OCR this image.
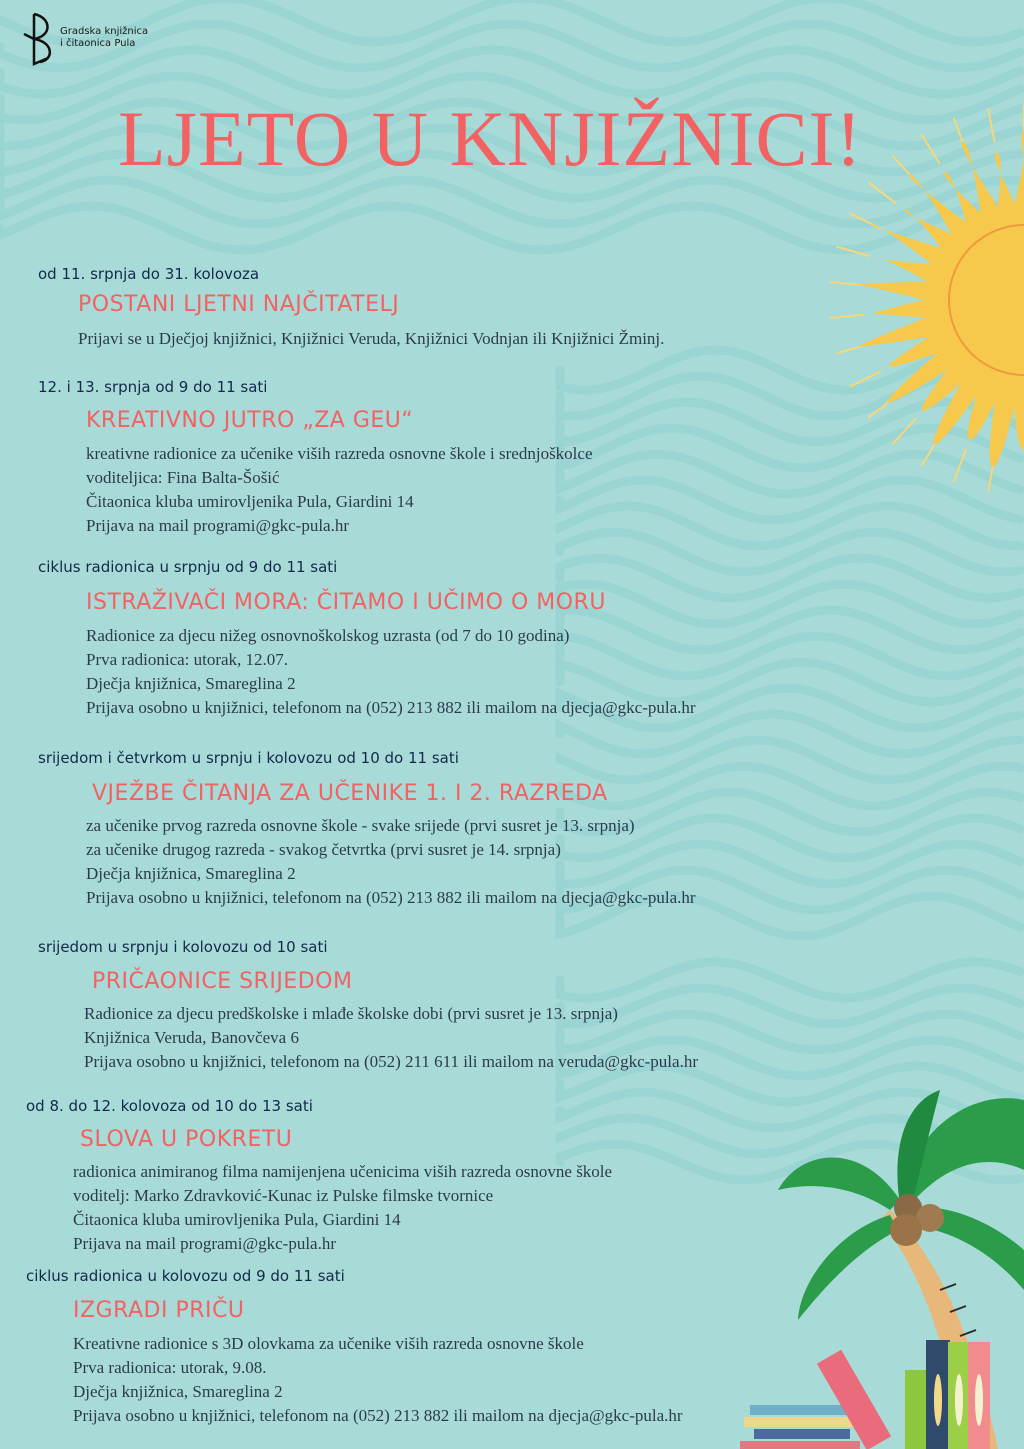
Gradska knjižnica
i čitaonica Pula
LJETO U KNJIŽNICI!
od 11. srpnja do 31. kolovoza
POSTANI LJETNI NAJČITATELJ
Prijavi se u Dječjoj knjižnici, Knjižnici Veruda, Knjižnici Vodnjan ili Knjižnici Žminj.
12. i 13. srpnja od 9 do 11 sati
KREATIVNO JUTRO „ZA GEU“
kreativne radionice za učenike viših razreda osnovne škole i srednjoškolce
voditeljica: Fina Balta-Šošić
Čitaonica kluba umirovljenika Pula, Giardini 14
Prijava na mail programi@gkc-pula.hr
ciklus radionica u srpnju od 9 do 11 sati
ISTRAŽIVAČI MORA: ČITAMO I UČIMO O MORU
Radionice za djecu nižeg osnovnoškolskog uzrasta (od 7 do 10 godina)
Prva radionica: utorak, 12.07.
Dječja knjižnica, Smareglina 2
Prijava osobno u knjižnici, telefonom na (052) 213 882 ili mailom na djecja@gkc-pula.hr
srijedom i četvrkom u srpnju i kolovozu od 10 do 11 sati
VJEŽBE ČITANJA ZA UČENIKE 1. I 2. RAZREDA
za učenike prvog razreda osnovne škole - svake srijede (prvi susret je 13. srpnja)
za učenike drugog razreda - svakog četvrtka (prvi susret je 14. srpnja)
Dječja knjižnica, Smareglina 2
Prijava osobno u knjižnici, telefonom na (052) 213 882 ili mailom na djecja@gkc-pula.hr
srijedom u srpnju i kolovozu od 10 sati
PRIČAONICE SRIJEDOM
Radionice za djecu predškolske i mlađe školske dobi (prvi susret je 13. srpnja)
Knjižnica Veruda, Banovčeva 6
Prijava osobno u knjižnici, telefonom na (052) 211 611 ili mailom na veruda@gkc-pula.hr
od 8. do 12. kolovoza od 10 do 13 sati
SLOVA U POKRETU
radionica animiranog filma namijenjena učenicima viših razreda osnovne škole
voditelj: Marko Zdravković-Kunac iz Pulske filmske tvornice
Čitaonica kluba umirovljenika Pula, Giardini 14
Prijava na mail programi@gkc-pula.hr
ciklus radionica u kolovozu od 9 do 11 sati
IZGRADI PRIČU
Kreativne radionice s 3D olovkama za učenike viših razreda osnovne škole
Prva radionica: utorak, 9.08.
Dječja knjižnica, Smareglina 2
Prijava osobno u knjižnici, telefonom na (052) 213 882 ili mailom na djecja@gkc-pula.hr
